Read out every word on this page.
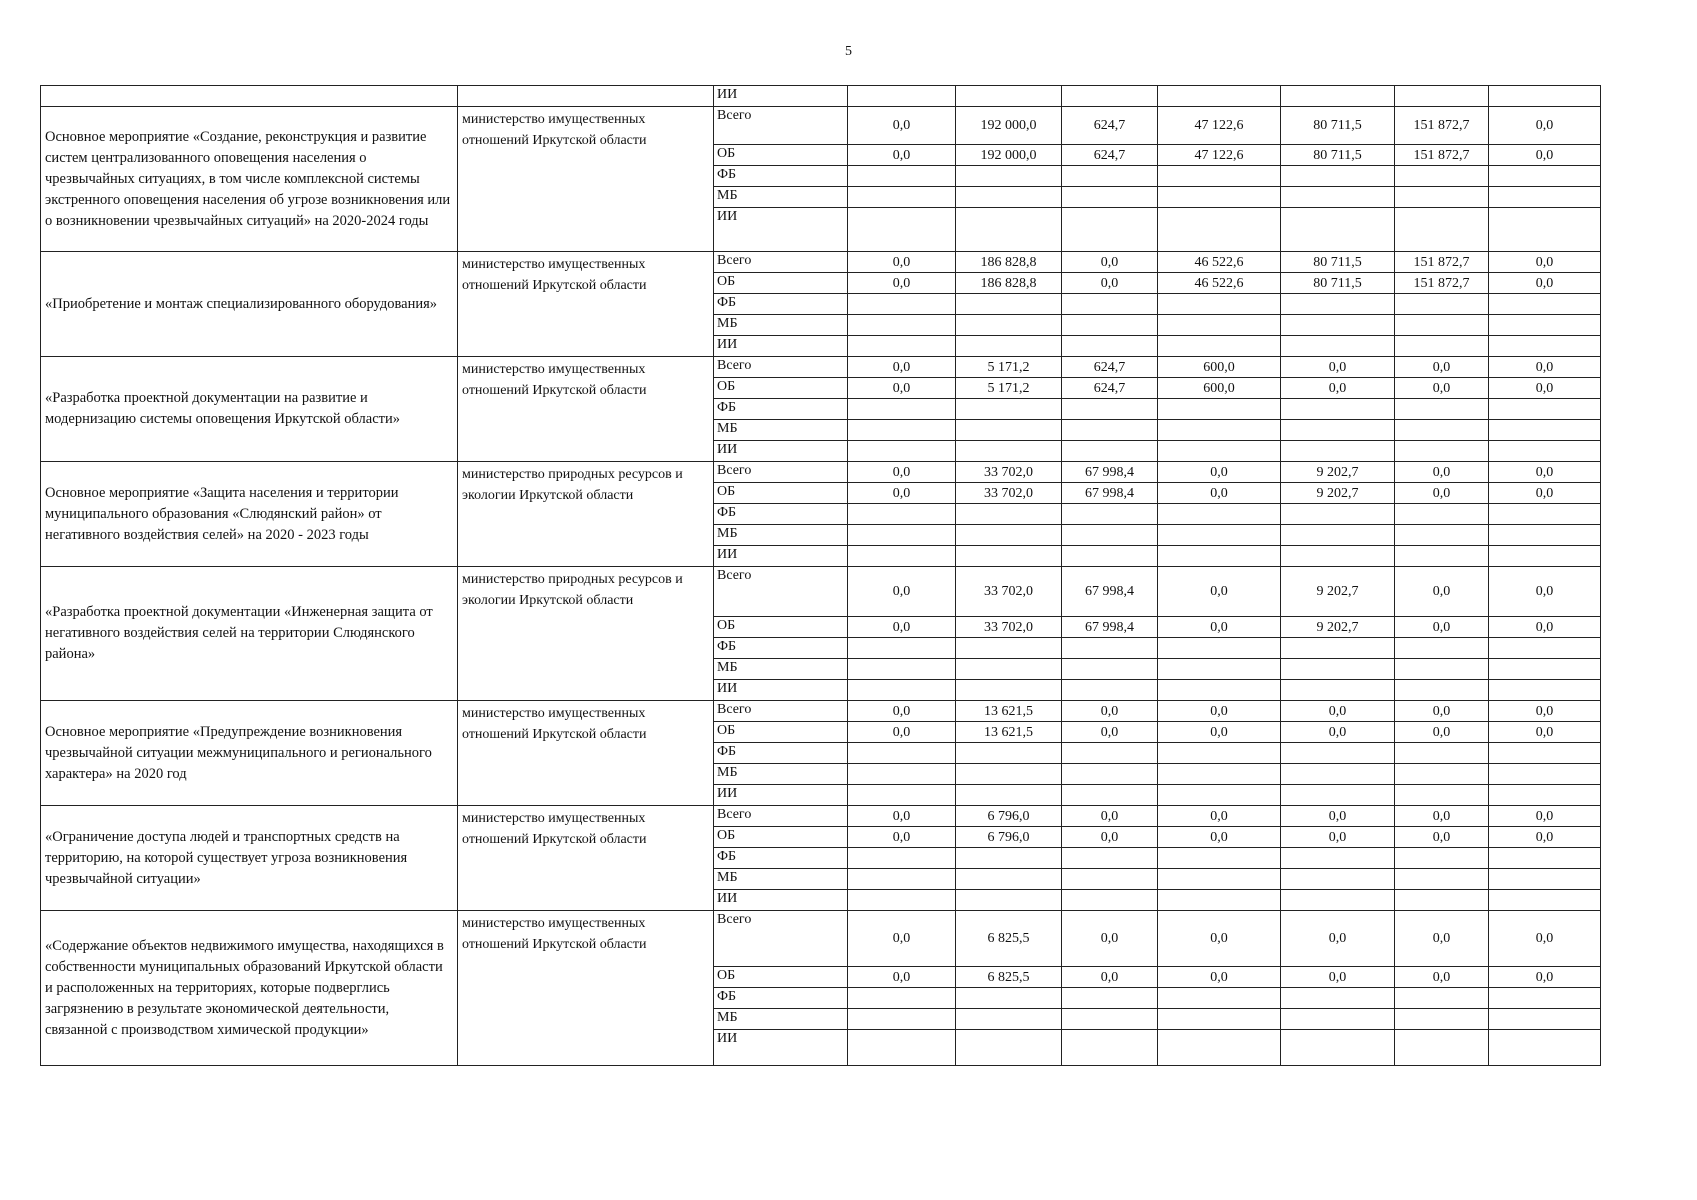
5
		ИИ							
Основное мероприятие «Создание, реконструкция и развитие систем централизованного оповещения населения о чрезвычайных ситуациях, в том числе комплексной системы экстренного оповещения населения об угрозе возникновения или о возникновении чрезвычайных ситуаций» на 2020-2024 годы	министерство имущественных отношений Иркутской области	Всего	0,0	192 000,0	624,7	47 122,6	80 711,5	151 872,7	0,0
		ОБ	0,0	192 000,0	624,7	47 122,6	80 711,5	151 872,7	0,0
		ФБ							
		МБ							
		ИИ							
«Приобретение и монтаж специализированного оборудования»	министерство имущественных отношений Иркутской области	Всего	0,0	186 828,8	0,0	46 522,6	80 711,5	151 872,7	0,0
		ОБ	0,0	186 828,8	0,0	46 522,6	80 711,5	151 872,7	0,0
		ФБ							
		МБ							
		ИИ							
«Разработка проектной документации на развитие и модернизацию системы оповещения Иркутской области»	министерство имущественных отношений Иркутской области	Всего	0,0	5 171,2	624,7	600,0	0,0	0,0	0,0
		ОБ	0,0	5 171,2	624,7	600,0	0,0	0,0	0,0
		ФБ							
		МБ							
		ИИ							
Основное мероприятие «Защита населения и территории муниципального образования «Слюдянский район» от негативного воздействия селей» на 2020 - 2023 годы	министерство природных ресурсов и экологии Иркутской области	Всего	0,0	33 702,0	67 998,4	0,0	9 202,7	0,0	0,0
		ОБ	0,0	33 702,0	67 998,4	0,0	9 202,7	0,0	0,0
		ФБ							
		МБ							
		ИИ							
«Разработка проектной документации «Инженерная защита от негативного воздействия селей на территории Слюдянского района»	министерство природных ресурсов и экологии Иркутской области	Всего	0,0	33 702,0	67 998,4	0,0	9 202,7	0,0	0,0
		ОБ	0,0	33 702,0	67 998,4	0,0	9 202,7	0,0	0,0
		ФБ							
		МБ							
		ИИ							
Основное мероприятие «Предупреждение возникновения чрезвычайной ситуации межмуниципального и регионального характера» на 2020 год	министерство имущественных отношений Иркутской области	Всего	0,0	13 621,5	0,0	0,0	0,0	0,0	0,0
		ОБ	0,0	13 621,5	0,0	0,0	0,0	0,0	0,0
		ФБ							
		МБ							
		ИИ							
«Ограничение доступа людей и транспортных средств на территорию, на которой существует угроза возникновения чрезвычайной ситуации»	министерство имущественных отношений Иркутской области	Всего	0,0	6 796,0	0,0	0,0	0,0	0,0	0,0
		ОБ	0,0	6 796,0	0,0	0,0	0,0	0,0	0,0
		ФБ							
		МБ							
		ИИ							
«Содержание объектов недвижимого имущества, находящихся в собственности муниципальных образований Иркутской области и расположенных на территориях, которые подверглись загрязнению в результате экономической деятельности, связанной с производством химической продукции»	министерство имущественных отношений Иркутской области	Всего	0,0	6 825,5	0,0	0,0	0,0	0,0	0,0
		ОБ	0,0	6 825,5	0,0	0,0	0,0	0,0	0,0
		ФБ							
		МБ							
		ИИ							
